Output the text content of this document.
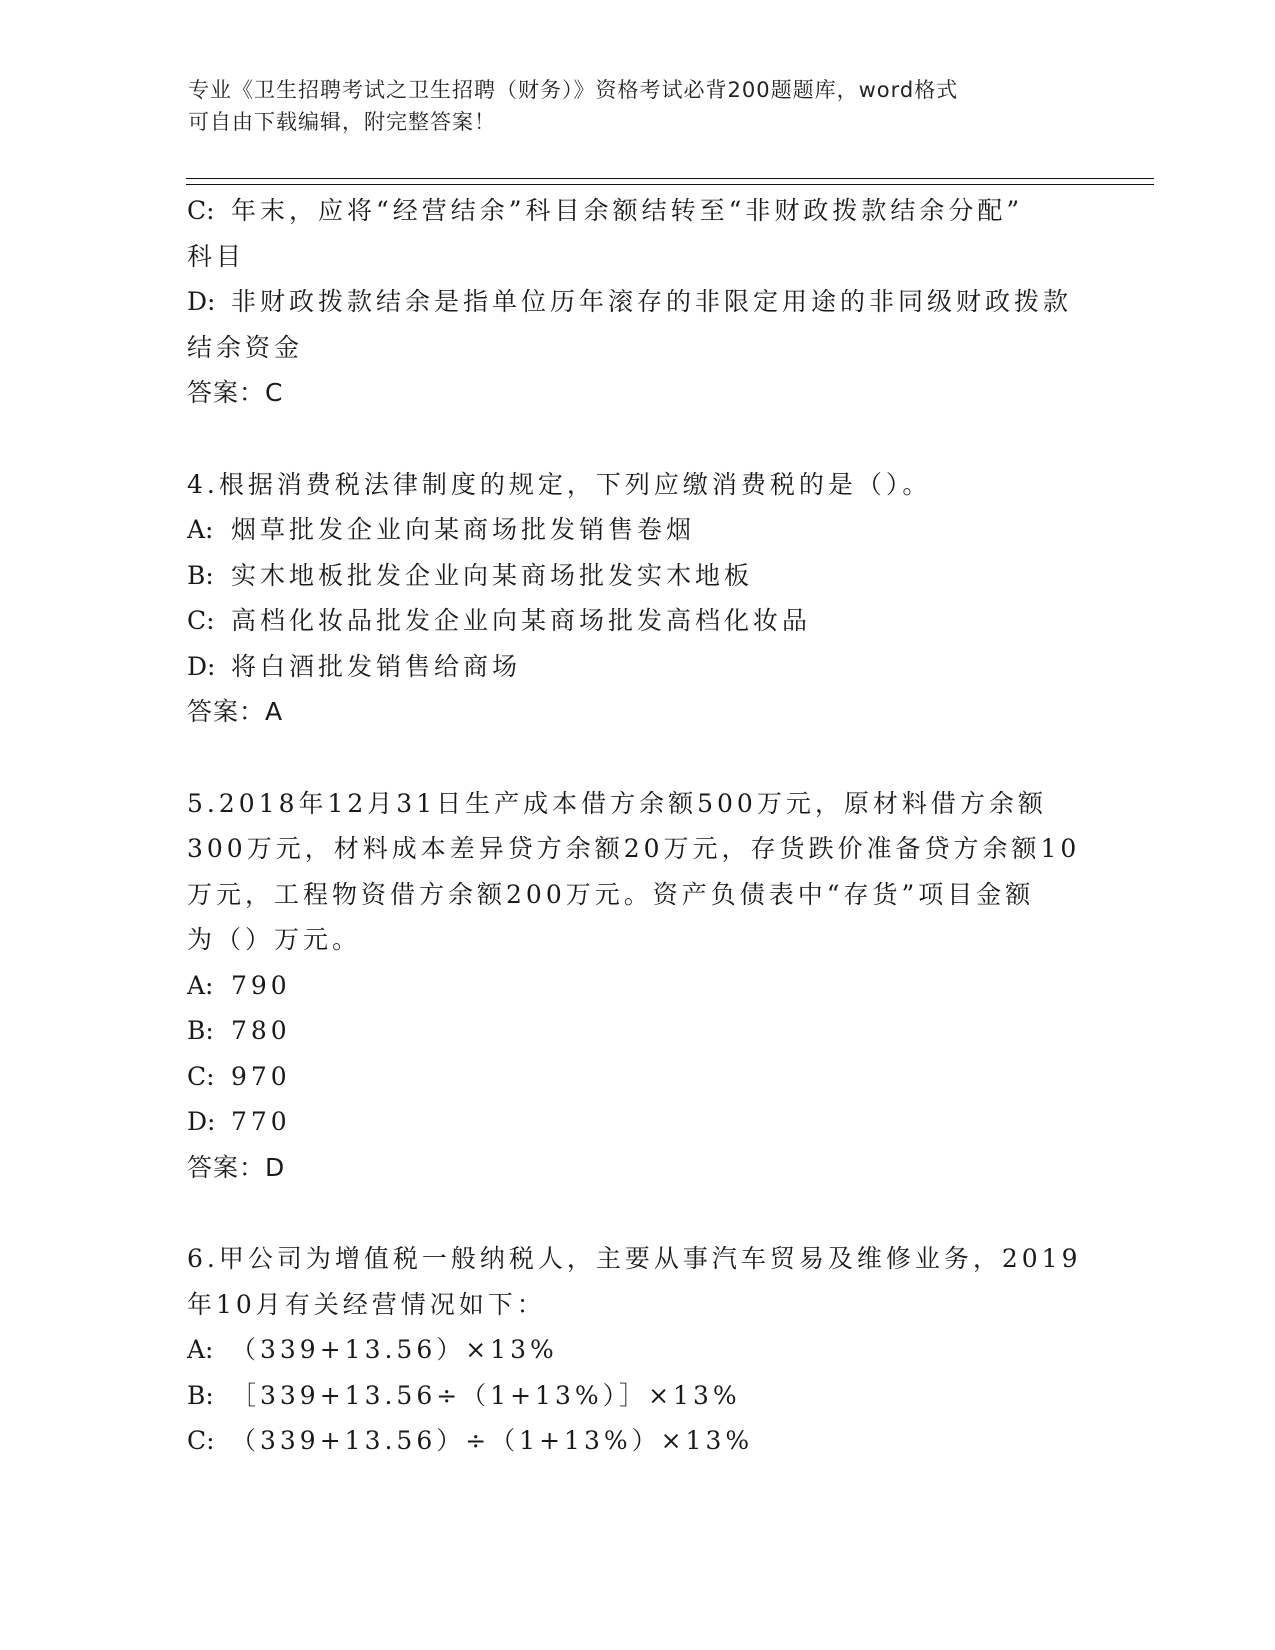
专业《卫生招聘考试之卫生招聘（财务）》资格考试必背200题题库，word格式
可自由下载编辑，附完整答案！
C: 年末，应将“经营结余”科目余额结转至“非财政拨款结余分配”
科目
D: 非财政拨款结余是指单位历年滚存的非限定用途的非同级财政拨款
结余资金
答案：C
4.根据消费税法律制度的规定，下列应缴消费税的是（）。
A: 烟草批发企业向某商场批发销售卷烟
B: 实木地板批发企业向某商场批发实木地板
C: 高档化妆品批发企业向某商场批发高档化妆品
D: 将白酒批发销售给商场
答案：A
5.2018年12月31日生产成本借方余额500万元，原材料借方余额
300万元，材料成本差异贷方余额20万元，存货跌价准备贷方余额10
万元，工程物资借方余额200万元。资产负债表中“存货”项目金额
为（）万元。
A: 790
B: 780
C: 970
D: 770
答案：D
6.甲公司为增值税一般纳税人，主要从事汽车贸易及维修业务，2019
年10月有关经营情况如下：
A: （339+13.56）×13%
B: ［339+13.56÷（1+13%）］×13%
C: （339+13.56）÷（1+13%）×13%
